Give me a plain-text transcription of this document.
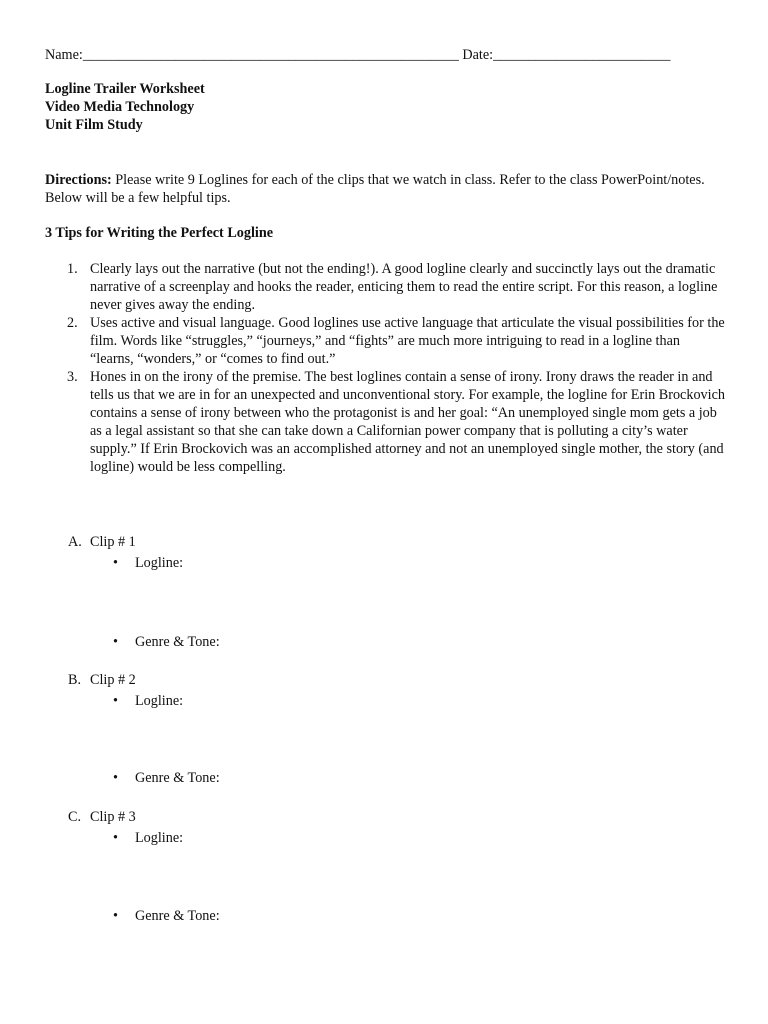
Name:_____________________________________________________ Date:_________________________
Logline Trailer Worksheet
Video Media Technology
Unit Film Study
Directions: Please write 9 Loglines for each of the clips that we watch in class. Refer to the class PowerPoint/notes. Below will be a few helpful tips.
3 Tips for Writing the Perfect Logline
1. Clearly lays out the narrative (but not the ending!). A good logline clearly and succinctly lays out the dramatic narrative of a screenplay and hooks the reader, enticing them to read the entire script. For this reason, a logline never gives away the ending.
2. Uses active and visual language. Good loglines use active language that articulate the visual possibilities for the film. Words like “struggles,” “journeys,” and “fights” are much more intriguing to read in a logline than “learns, “wonders,” or “comes to find out.”
3. Hones in on the irony of the premise. The best loglines contain a sense of irony. Irony draws the reader in and tells us that we are in for an unexpected and unconventional story. For example, the logline for Erin Brockovich contains a sense of irony between who the protagonist is and her goal: “An unemployed single mom gets a job as a legal assistant so that she can take down a Californian power company that is polluting a city’s water supply.” If Erin Brockovich was an accomplished attorney and not an unemployed single mother, the story (and logline) would be less compelling.
A. Clip # 1
• Logline:
• Genre & Tone:
B. Clip # 2
• Logline:
• Genre & Tone:
C. Clip # 3
• Logline:
• Genre & Tone:
